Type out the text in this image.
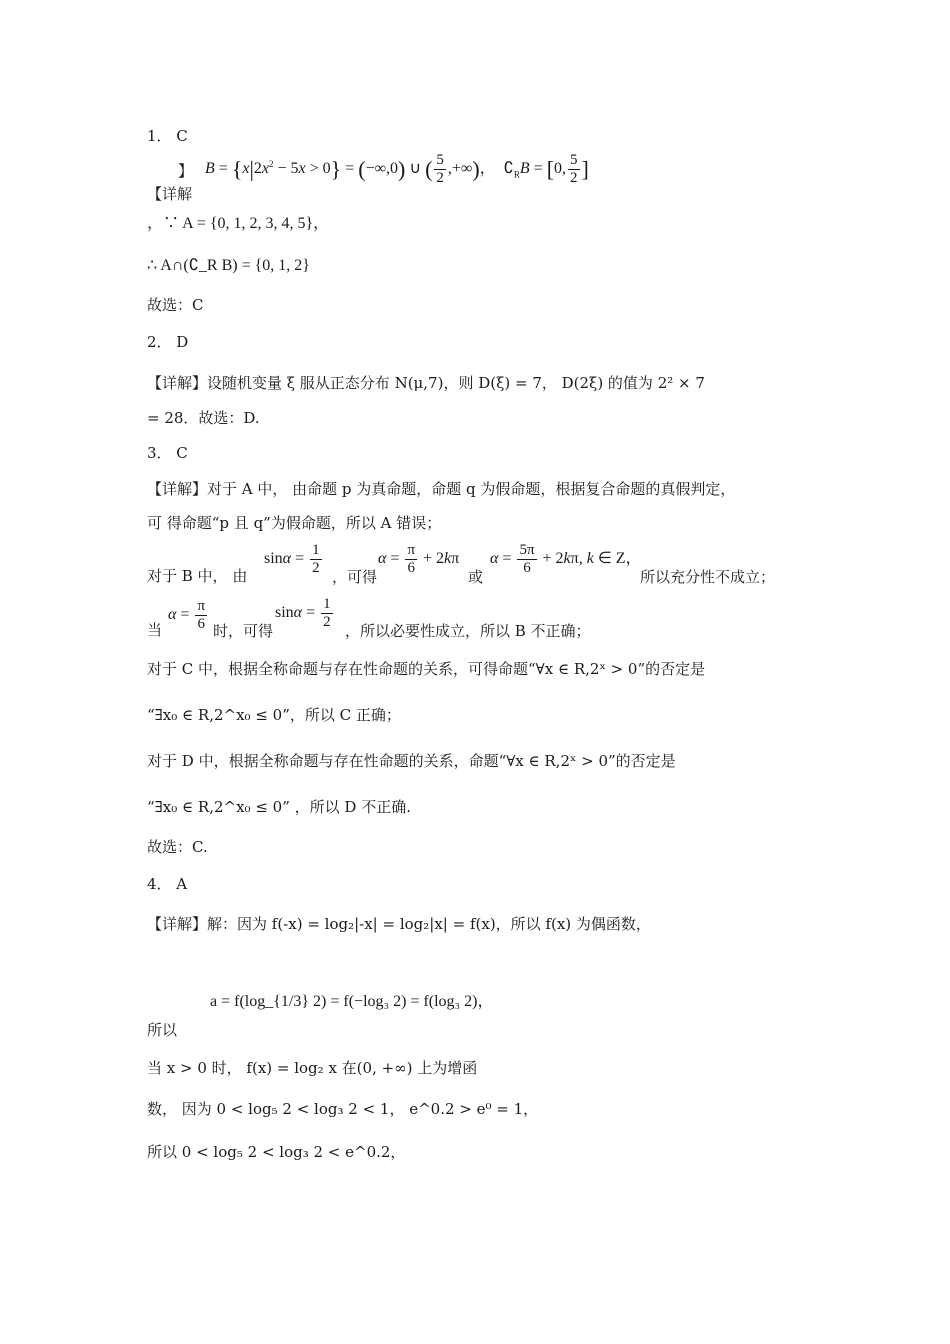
1． C
$B = \{x|2x^2 - 5x > 0\} = (-\infty,0)$ ∪ ( $\frac{5}{2}$ ,+∞)，  $∁_RB = [0$, $\frac{5}{2}$ ]
】
【详解
，∵ A = {0, 1, 2, 3, 4, 5}，
∴ A∩(∁_R B) = {0, 1, 2}
故选：C
2． D
【详解】设随机变量 ξ 服从正态分布 N(μ,7)，则 D(ξ) = 7， D(2ξ) 的值为 2² × 7
= 28．故选：D.
3． C
【详解】对于 A 中， 由命题 p 为真命题，命题 q 为假命题，根据复合命题的真假判定，
可 得命题“p 且 q”为假命题，所以 A 错误；
对于 B 中， 由
$\sin\alpha = \frac{1}{2}$ ，可得
$\alpha = \frac{\pi}{6} + 2k\pi$
或
$\alpha = \frac{5\pi}{6} + 2k\pi$, k ∈ Z，
所以充分性不成立；
当
$\alpha = \frac{\pi}{6}$ 时，可得
$\sin\alpha = \frac{1}{2}$ ，所以必要性成立，所以 B 不正确；
对于 C 中，根据全称命题与存在性命题的关系，可得命题“∀x ∈ R,2ˣ > 0”的否定是
“∃x₀ ∈ R,2^x₀ ≤ 0”，所以 C 正确；
对于 D 中，根据全称命题与存在性命题的关系，命题“∀x ∈ R,2ˣ > 0”的否定是
“∃x₀ ∈ R,2^x₀ ≤ 0” ，所以 D 不正确.
故选：C.
4． A
【详解】解：因为 f(-x) = log₂|-x| = log₂|x| = f(x)，所以 f(x) 为偶函数，
a = f(log_{1/3} 2) = f(−log₃ 2) = f(log₃ 2)，
所以
当 x > 0 时， f(x) = log₂ x 在(0, +∞) 上为增函
数， 因为 0 < log₅ 2 < log₃ 2 < 1， e^0.2 > e⁰ = 1，
所以 0 < log₅ 2 < log₃ 2 < e^0.2，
